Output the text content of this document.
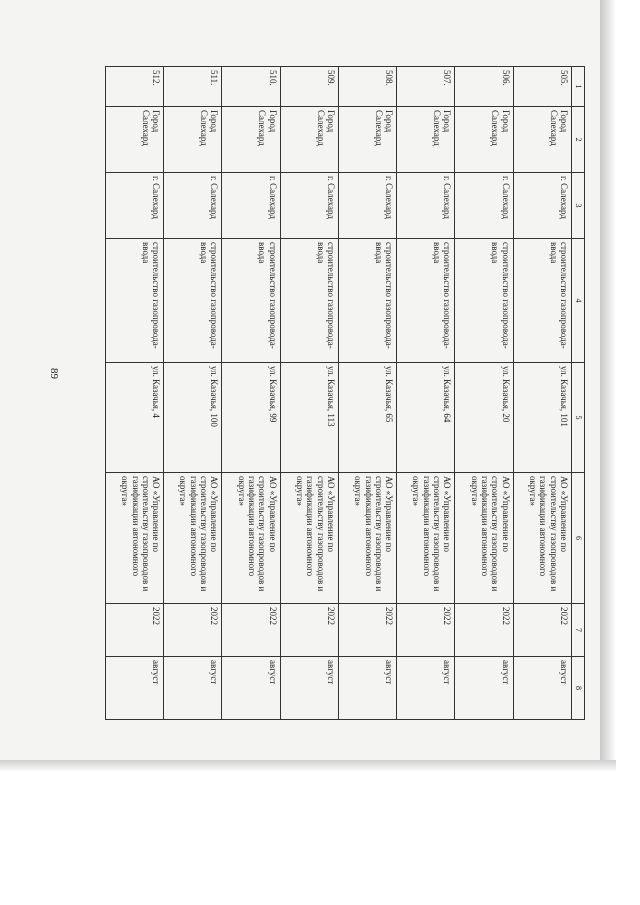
89
1	2	3	4	5	6	7	8
505.	Город Салехард	г. Салехард	строительство газопровода-ввода	ул. Казачья, 101	АО «Управление по строительству газопроводов и газификации автономного округа»	2022	август
506.	Город Салехард	г. Салехард	строительство газопровода-ввода	ул. Казачья, 20	АО «Управление по строительству газопроводов и газификации автономного округа»	2022	август
507.	Город Салехард	г. Салехард	строительство газопровода-ввода	ул. Казачья, 64	АО «Управление по строительству газопроводов и газификации автономного округа»	2022	август
508.	Город Салехард	г. Салехард	строительство газопровода-ввода	ул. Казачья, 65	АО «Управление по строительству газопроводов и газификации автономного округа»	2022	август
509.	Город Салехард	г. Салехард	строительство газопровода-ввода	ул. Казачья, 113	АО «Управление по строительству газопроводов и газификации автономного округа»	2022	август
510.	Город Салехард	г. Салехард	строительство газопровода-ввода	ул. Казачья, 99	АО «Управление по строительству газопроводов и газификации автономного округа»	2022	август
511.	Город Салехард	г. Салехард	строительство газопровода-ввода	ул. Казачья, 100	АО «Управление по строительству газопроводов и газификации автономного округа»	2022	август
512.	Город Салехард	г. Салехард	строительство газопровода-ввода	ул. Казачья, 4	АО «Управление по строительству газопроводов и газификации автономного округа»	2022	август
